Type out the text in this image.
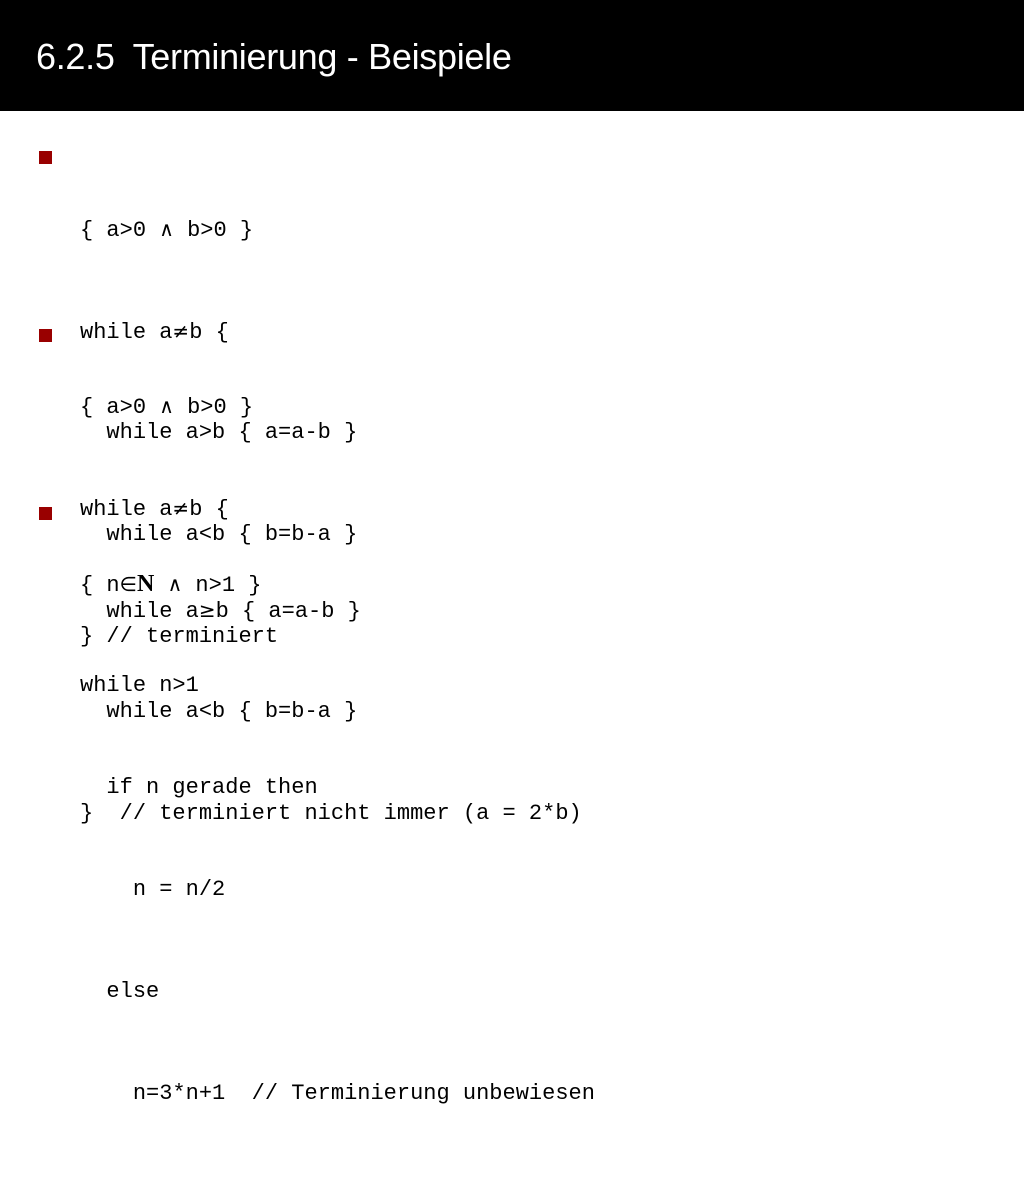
6.2.5 Terminierung - Beispiele

{ a>0 ∧ b>0 }

while a≠b {

while a>b { a=a-b }

while a<b { b=b-a }

} // terminiert

{ a>0 ∧ b>0 }

while a≠b {

while a≥b { a=a-b }

while a<b { b=b-a }

} // terminiert nicht immer (a = 2*b)

{ n∈N ∧ n>1 }

while n>1

if n gerade then

n = n/2

else

n=3*n+1 // Terminierung unbewiesen
